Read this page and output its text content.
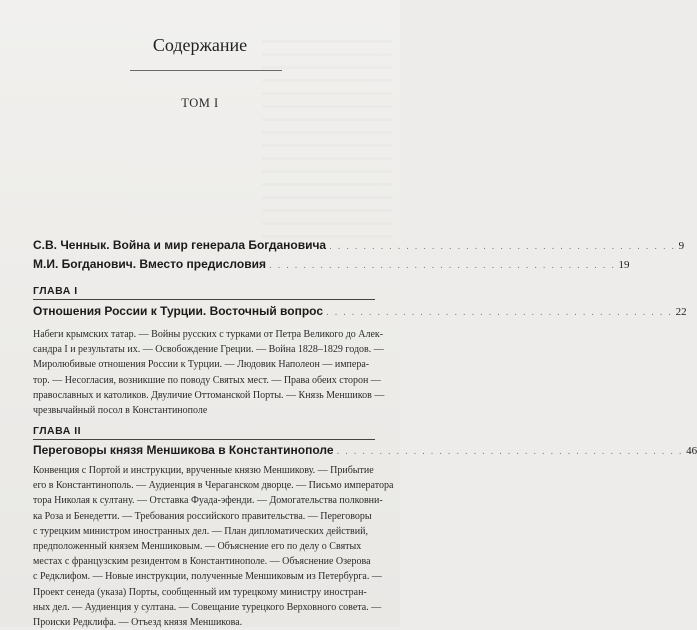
Содержание
ТОМ I
С.В. Ченнык. Война и мир генерала Богдановича . . . . . . . . . . . . . . . . . . . . . . . . . . . . . . . . . . . . . . . . . 9
М.И. Богданович. Вместо предисловия . . . . . . . . . . . . . . . . . . . . . . . . . . . . . . . . . . . . . . . . . 19
ГЛАВА I
Отношения России к Турции. Восточный вопрос . . . . . . . . . . . . . . . . . . . . . . . . . . . . . . . . . . . . . . . . . 22
Набеги крымских татар. — Войны русских с турками от Петра Великого до Алек-
сандра I и результаты их. — Освобождение Греции. — Война 1828–1829 годов. —
Миролюбивые отношения России к Турции. — Людовик Наполеон — импера-
тор. — Несогласия, возникшие по поводу Святых мест. — Права обеих сторон —
православных и католиков. Двуличие Оттоманской Порты. — Князь Меншиков —
чрезвычайный посол в Константинополе
ГЛАВА II
Переговоры князя Меншикова в Константинополе . . . . . . . . . . . . . . . . . . . . . . . . . . . . . . . . . . . . . . . . . 46
Конвенция с Портой и инструкции, врученные князю Меншикову. — Прибытие
его в Константинополь. — Аудиенция в Чераганском дворце. — Письмо императора
тора Николая к султану. — Отставка Фуада-эфенди. — Домогательства полковни-
ка Роза и Бенедетти. — Требования российского правительства. — Переговоры
с турецким министром иностранных дел. — План дипломатических действий,
предположенный князем Меншиковым. — Объяснение его по делу о Святых
местах с французским резидентом в Константинополе. — Объяснение Озерова
с Редклифом. — Новые инструкции, полученные Меншиковым из Петербурга. —
Проект сенеда (указа) Порты, сообщенный им турецкому министру иностран-
ных дел. — Аудиенция у султана. — Совещание турецкого Верховного совета. —
Происки Редклифа. — Отъезд князя Меншикова.
